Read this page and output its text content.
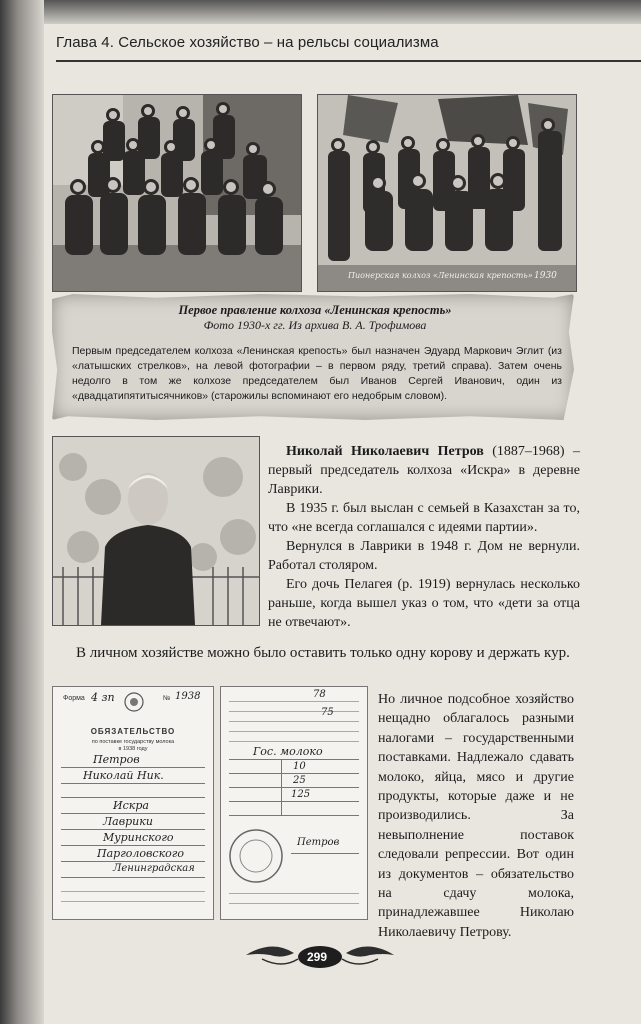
Глава 4. Сельское хозяйство – на рельсы социализма
Пионерская колхоз «Ленинская крепость» 1930
Первое правление колхоза «Ленинская крепость»
Фото 1930-х гг. Из архива В. А. Трофимова
Первым председателем колхоза «Ленинская крепость» был назначен Эдуард Маркович Эглит (из «латышских стрелков», на левой фотографии – в первом ряду, третий справа). Затем очень недолго в том же колхозе председателем был Иванов Сергей Иванович, один из «двадцатипятитысячников» (старожилы вспоминают его недобрым словом).

Николай Николаевич Петров (1887–1968) – первый председатель колхоза «Искра» в деревне Лаврики.

В 1935 г. был выслан с семьей в Казахстан за то, что «не всегда соглашался с идеями партии».

Вернулся в Лаврики в 1948 г. Дом не вернули. Работал столяром.

Его дочь Пелагея (р. 1919) вернулась несколько раньше, когда вышел указ о том, что «дети за отца не отвечают».

В личном хозяйстве можно было оставить только одну корову и держать кур.
Форма 4 зп	№ 1938
ОБЯЗАТЕЛЬСТВО
по поставке государству молока
в 1938 году
Петров
Николай Ник.
Искра
Лаврики
Муринского
Парголовского
Ленинградская
78
75
Гос. молоко
10
25
125
Петров
Но личное подсобное хозяйство нещадно облагалось разными налогами – государственными поставками. Надлежало сдавать молоко, яйца, мясо и другие продукты, которые даже и не производились. За невыполнение поставок следовали репрессии. Вот один из документов – обязательство на сдачу молока, принадлежавшее Николаю Николаевичу Петрову.
299
